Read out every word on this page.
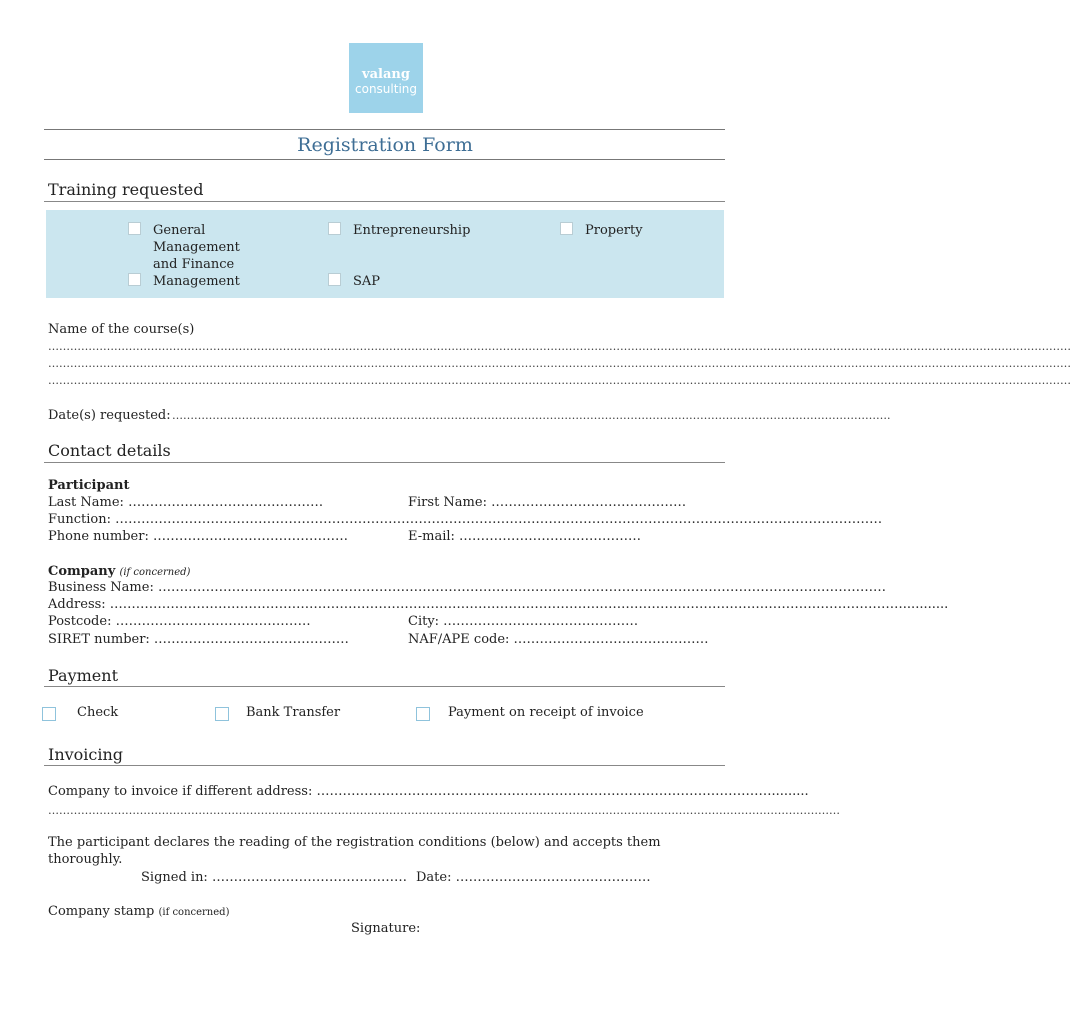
valang
consulting
Registration Form
Training requested
General Management and Finance Management
Entrepreneurship	Property
SAP
Name of the course(s)
………………………………………………………………………………………………………………………………………………………………………………………………………………………………………………………
………………………………………………………………………………………………………………………………………………………………………………………………………………………………………………………
………………………………………………………………………………………………………………………………………………………………………………………………………………………………………………………
Date(s) requested: …………………………………………………………………………………………………………………………………………………………………………….
Contact details
Participant
Last Name: ………………………………………	First Name: ………………………………………
Function: ……………………………………………………………………………………………………………………………………………………………
Phone number: ………………………………………	E-mail: ……………………………………
Company (if concerned)
Business Name: ……………………………………………………………………………………………………………………………………………………
Address: …………………………………………………………………………………………………………………………………………………………………...........
Postcode: ………………………………………	City: ………………………………………
SIRET number: ………………………………………	NAF/APE code: ………………………………………
Payment
Check	Bank Transfer	Payment on receipt of invoice
Invoicing
Company to invoice if different address: …………………………………………………………………………………………….........
………………………………………………………………………………………………………………………………………………………………………………………………
The participant declares the reading of the registration conditions (below) and accepts them thoroughly.
Signed in: ……………………………………… Date: ………………………………………
Company stamp (if concerned)
Signature:
